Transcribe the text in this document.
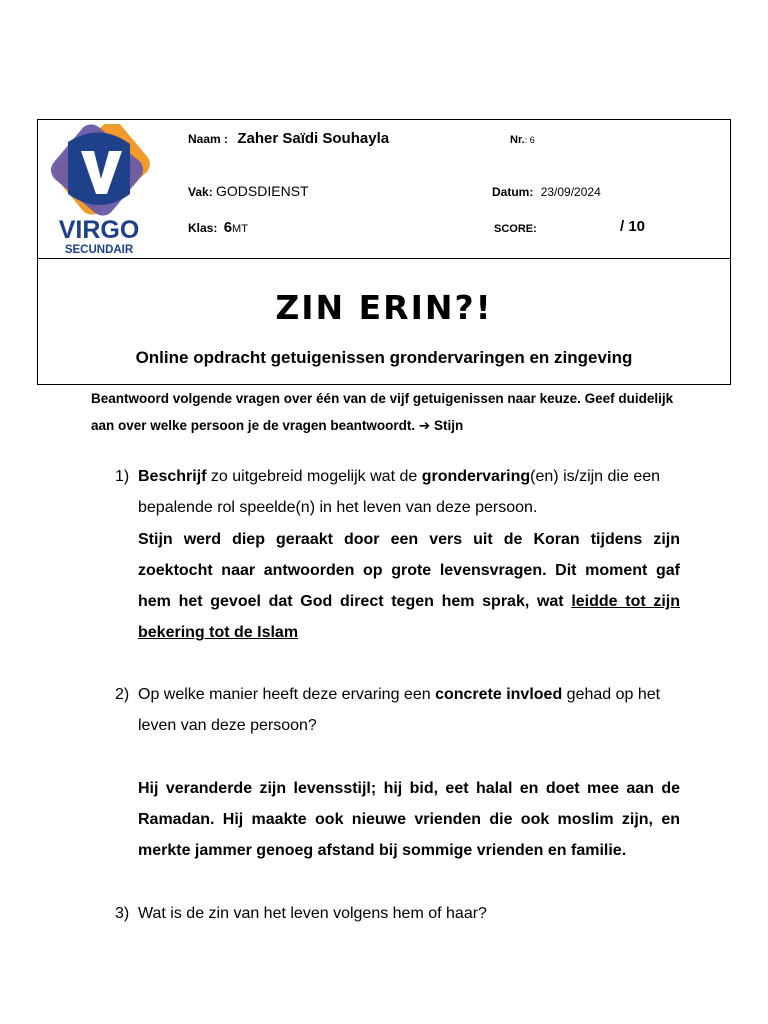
VIRGO
SECUNDAIR
Naam : Zaher Saïdi Souhayla	Nr.: 6
Vak: GODSDIENST	Datum: 23/09/2024
Klas: 6MT	SCORE:	/ 10
ZIN ERIN?!
Online opdracht getuigenissen grondervaringen en zingeving
Beantwoord volgende vragen over één van de vijf getuigenissen naar keuze. Geef duidelijk
aan over welke persoon je de vragen beantwoordt. ➔ Stijn
1) Beschrijf zo uitgebreid mogelijk wat de grondervaring(en) is/zijn die een bepalende rol speelde(n) in het leven van deze persoon.
Stijn werd diep geraakt door een vers uit de Koran tijdens zijn zoektocht naar antwoorden op grote levensvragen. Dit moment gaf hem het gevoel dat God direct tegen hem sprak, wat leidde tot zijn bekering tot de Islam
2) Op welke manier heeft deze ervaring een concrete invloed gehad op het leven van deze persoon?
Hij veranderde zijn levensstijl; hij bid, eet halal en doet mee aan de Ramadan. Hij maakte ook nieuwe vrienden die ook moslim zijn, en merkte jammer genoeg afstand bij sommige vrienden en familie.
3) Wat is de zin van het leven volgens hem of haar?
